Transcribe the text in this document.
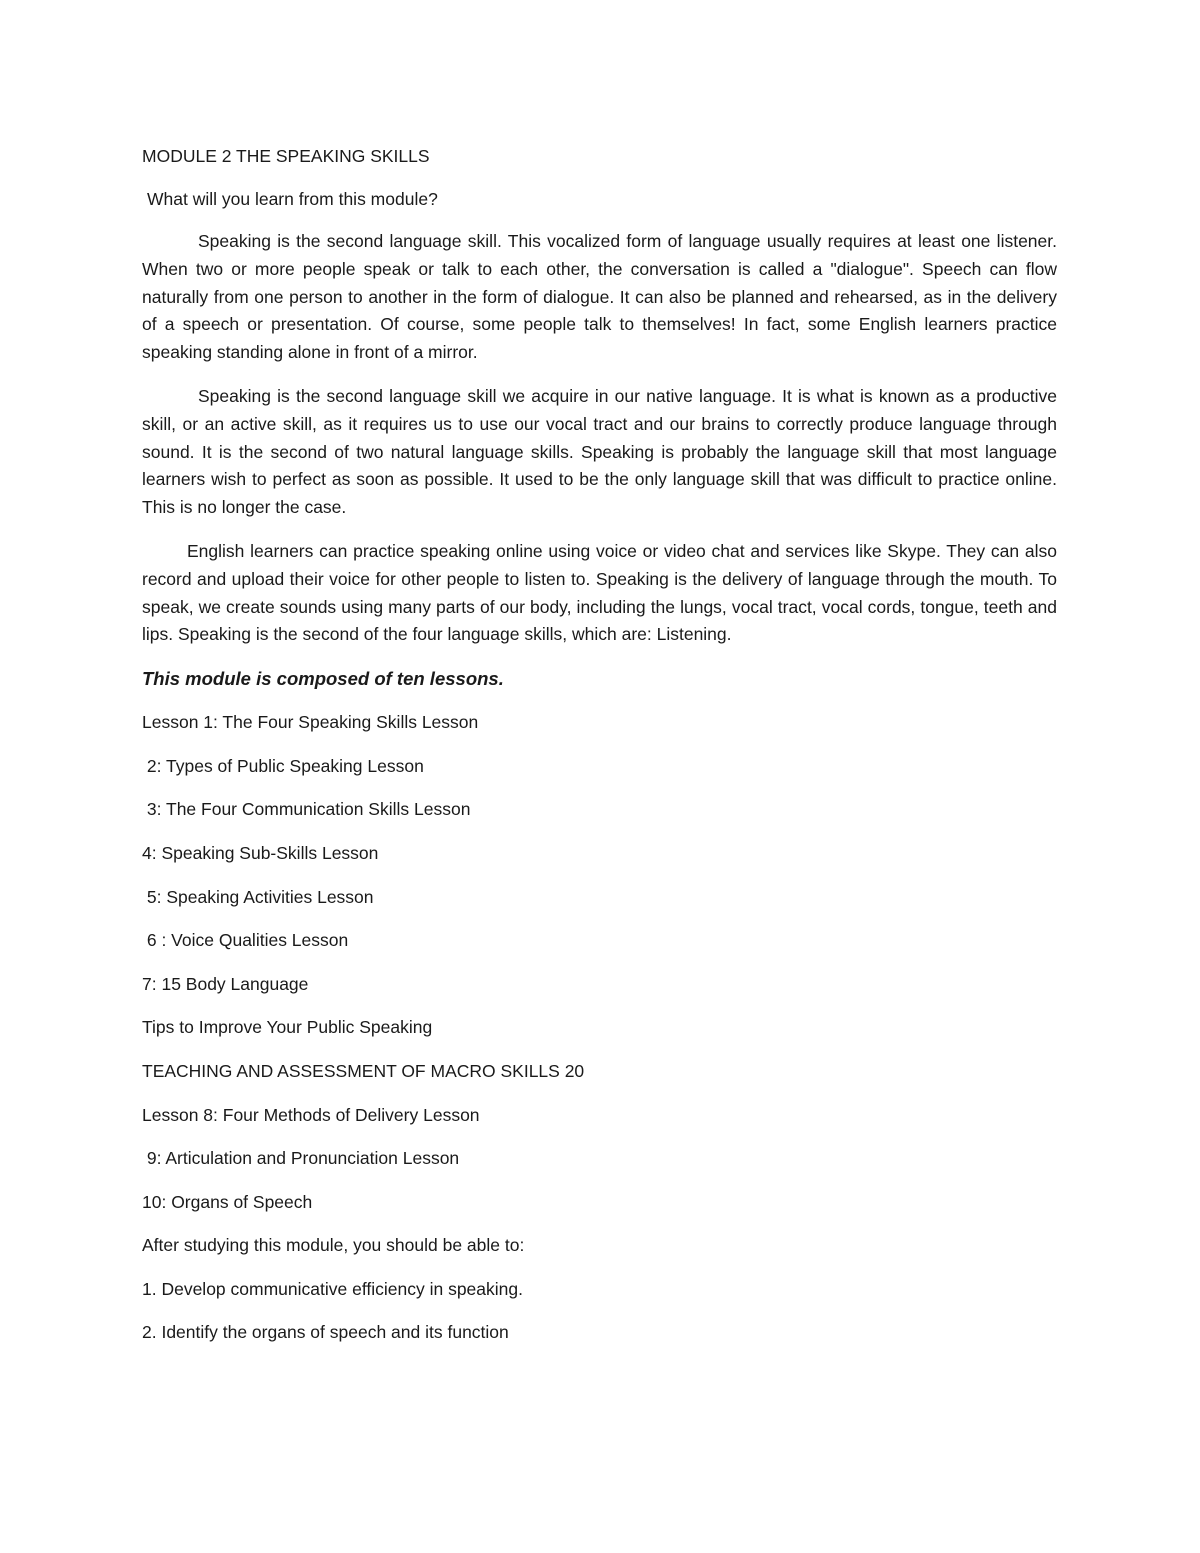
MODULE 2 THE SPEAKING SKILLS

What will you learn from this module?

Speaking is the second language skill. This vocalized form of language usually requires at least one listener. When two or more people speak or talk to each other, the conversation is called a "dialogue". Speech can flow naturally from one person to another in the form of dialogue. It can also be planned and rehearsed, as in the delivery of a speech or presentation. Of course, some people talk to themselves! In fact, some English learners practice speaking standing alone in front of a mirror.

Speaking is the second language skill we acquire in our native language. It is what is known as a productive skill, or an active skill, as it requires us to use our vocal tract and our brains to correctly produce language through sound. It is the second of two natural language skills. Speaking is probably the language skill that most language learners wish to perfect as soon as possible. It used to be the only language skill that was difficult to practice online. This is no longer the case.

English learners can practice speaking online using voice or video chat and services like Skype. They can also record and upload their voice for other people to listen to. Speaking is the delivery of language through the mouth. To speak, we create sounds using many parts of our body, including the lungs, vocal tract, vocal cords, tongue, teeth and lips. Speaking is the second of the four language skills, which are: Listening.

This module is composed of ten lessons.

Lesson 1: The Four Speaking Skills Lesson

2: Types of Public Speaking Lesson

3: The Four Communication Skills Lesson

4: Speaking Sub-Skills Lesson

5: Speaking Activities Lesson

6 : Voice Qualities Lesson

7: 15 Body Language

Tips to Improve Your Public Speaking

TEACHING AND ASSESSMENT OF MACRO SKILLS 20

Lesson 8: Four Methods of Delivery Lesson

9: Articulation and Pronunciation Lesson

10: Organs of Speech

After studying this module, you should be able to:

1. Develop communicative efficiency in speaking.

2. Identify the organs of speech and its function
